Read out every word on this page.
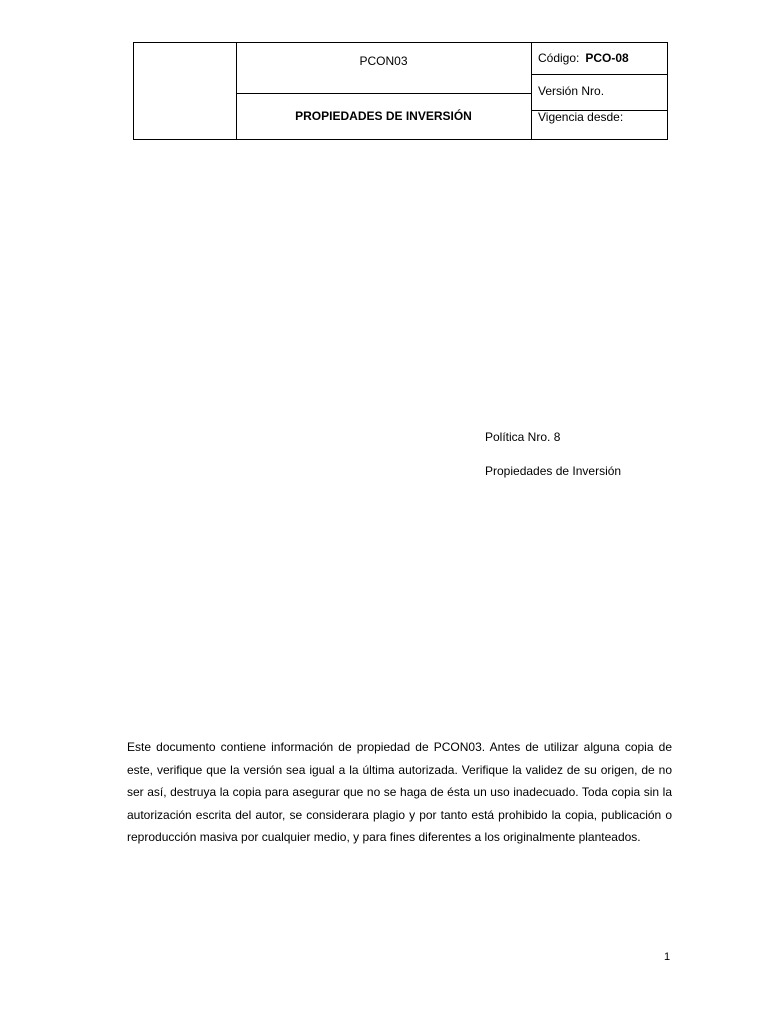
PCON03
PROPIEDADES DE INVERSIÓN
Código: PCO-08
Versión Nro.
Vigencia desde:
Política Nro. 8
Propiedades de Inversión

Este documento contiene información de propiedad de PCON03. Antes de utilizar alguna copia de este, verifique que la versión sea igual a la última autorizada. Verifique la validez de su origen, de no ser así, destruya la copia para asegurar que no se haga de ésta un uso inadecuado. Toda copia sin la autorización escrita del autor, se considerara plagio y por tanto está prohibido la copia, publicación o reproducción masiva por cualquier medio, y para fines diferentes a los originalmente planteados.

1
